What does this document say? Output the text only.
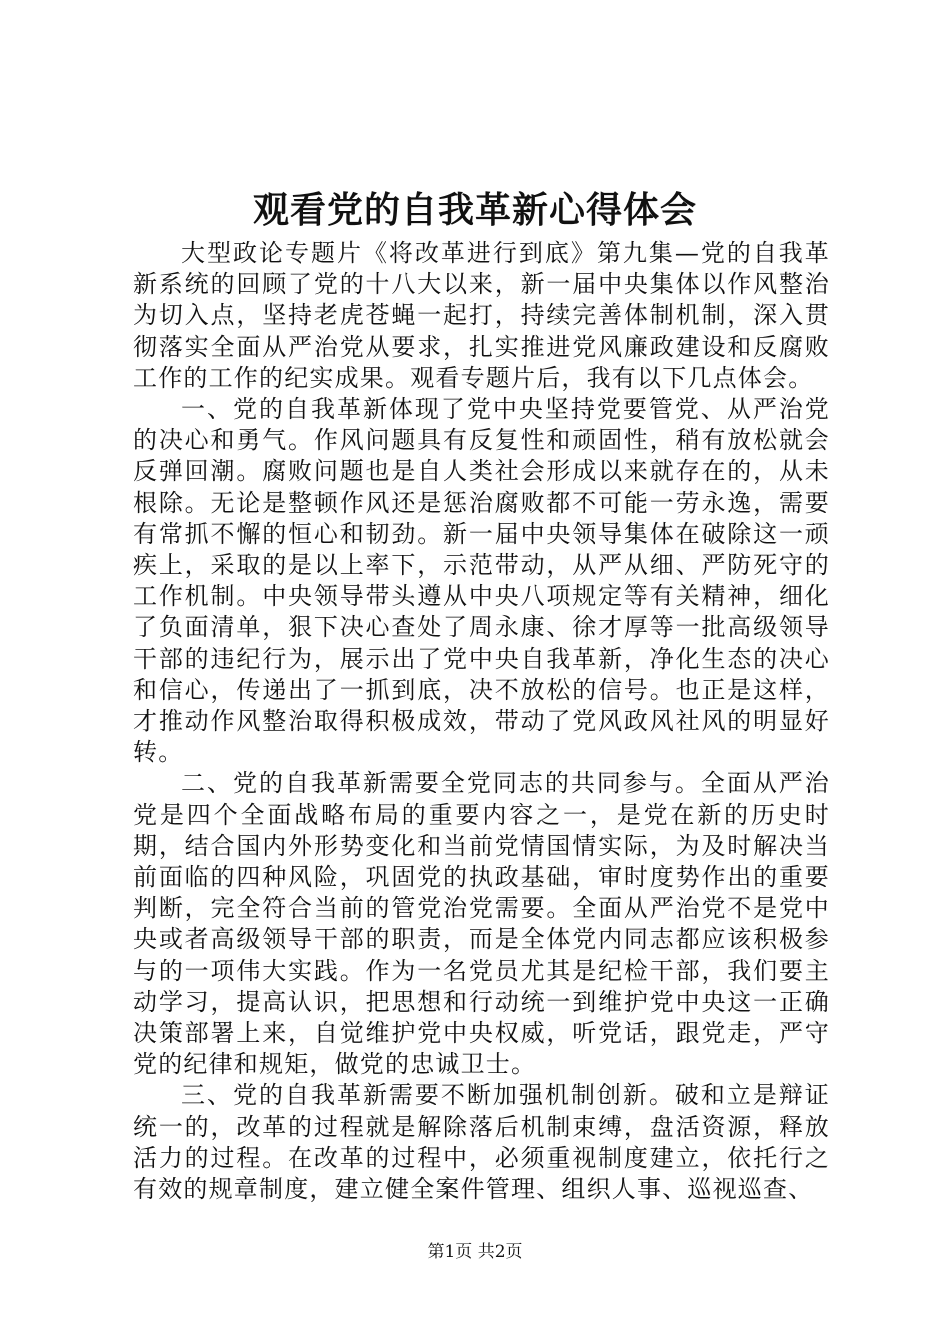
观看党的自我革新心得体会

大型政论专题片《将改革进行到底》第九集—党的自我革新系统的回顾了党的十八大以来，新一届中央集体以作风整治为切入点，坚持老虎苍蝇一起打，持续完善体制机制，深入贯彻落实全面从严治党从要求，扎实推进党风廉政建设和反腐败工作的工作的纪实成果。观看专题片后，我有以下几点体会。

一、党的自我革新体现了党中央坚持党要管党、从严治党的决心和勇气。作风问题具有反复性和顽固性，稍有放松就会反弹回潮。腐败问题也是自人类社会形成以来就存在的，从未根除。无论是整顿作风还是惩治腐败都不可能一劳永逸，需要有常抓不懈的恒心和韧劲。新一届中央领导集体在破除这一顽疾上，采取的是以上率下，示范带动，从严从细、严防死守的工作机制。中央领导带头遵从中央八项规定等有关精神，细化了负面清单，狠下决心查处了周永康、徐才厚等一批高级领导干部的违纪行为，展示出了党中央自我革新，净化生态的决心和信心，传递出了一抓到底，决不放松的信号。也正是这样，才推动作风整治取得积极成效，带动了党风政风社风的明显好转。

二、党的自我革新需要全党同志的共同参与。全面从严治党是四个全面战略布局的重要内容之一，是党在新的历史时期，结合国内外形势变化和当前党情国情实际，为及时解决当前面临的四种风险，巩固党的执政基础，审时度势作出的重要判断，完全符合当前的管党治党需要。全面从严治党不是党中央或者高级领导干部的职责，而是全体党内同志都应该积极参与的一项伟大实践。作为一名党员尤其是纪检干部，我们要主动学习，提高认识，把思想和行动统一到维护党中央这一正确决策部署上来，自觉维护党中央权威，听党话，跟党走，严守党的纪律和规矩，做党的忠诚卫士。

三、党的自我革新需要不断加强机制创新。破和立是辩证统一的，改革的过程就是解除落后机制束缚，盘活资源，释放活力的过程。在改革的过程中，必须重视制度建立，依托行之有效的规章制度，建立健全案件管理、组织人事、巡视巡查、

第1页 共2页
